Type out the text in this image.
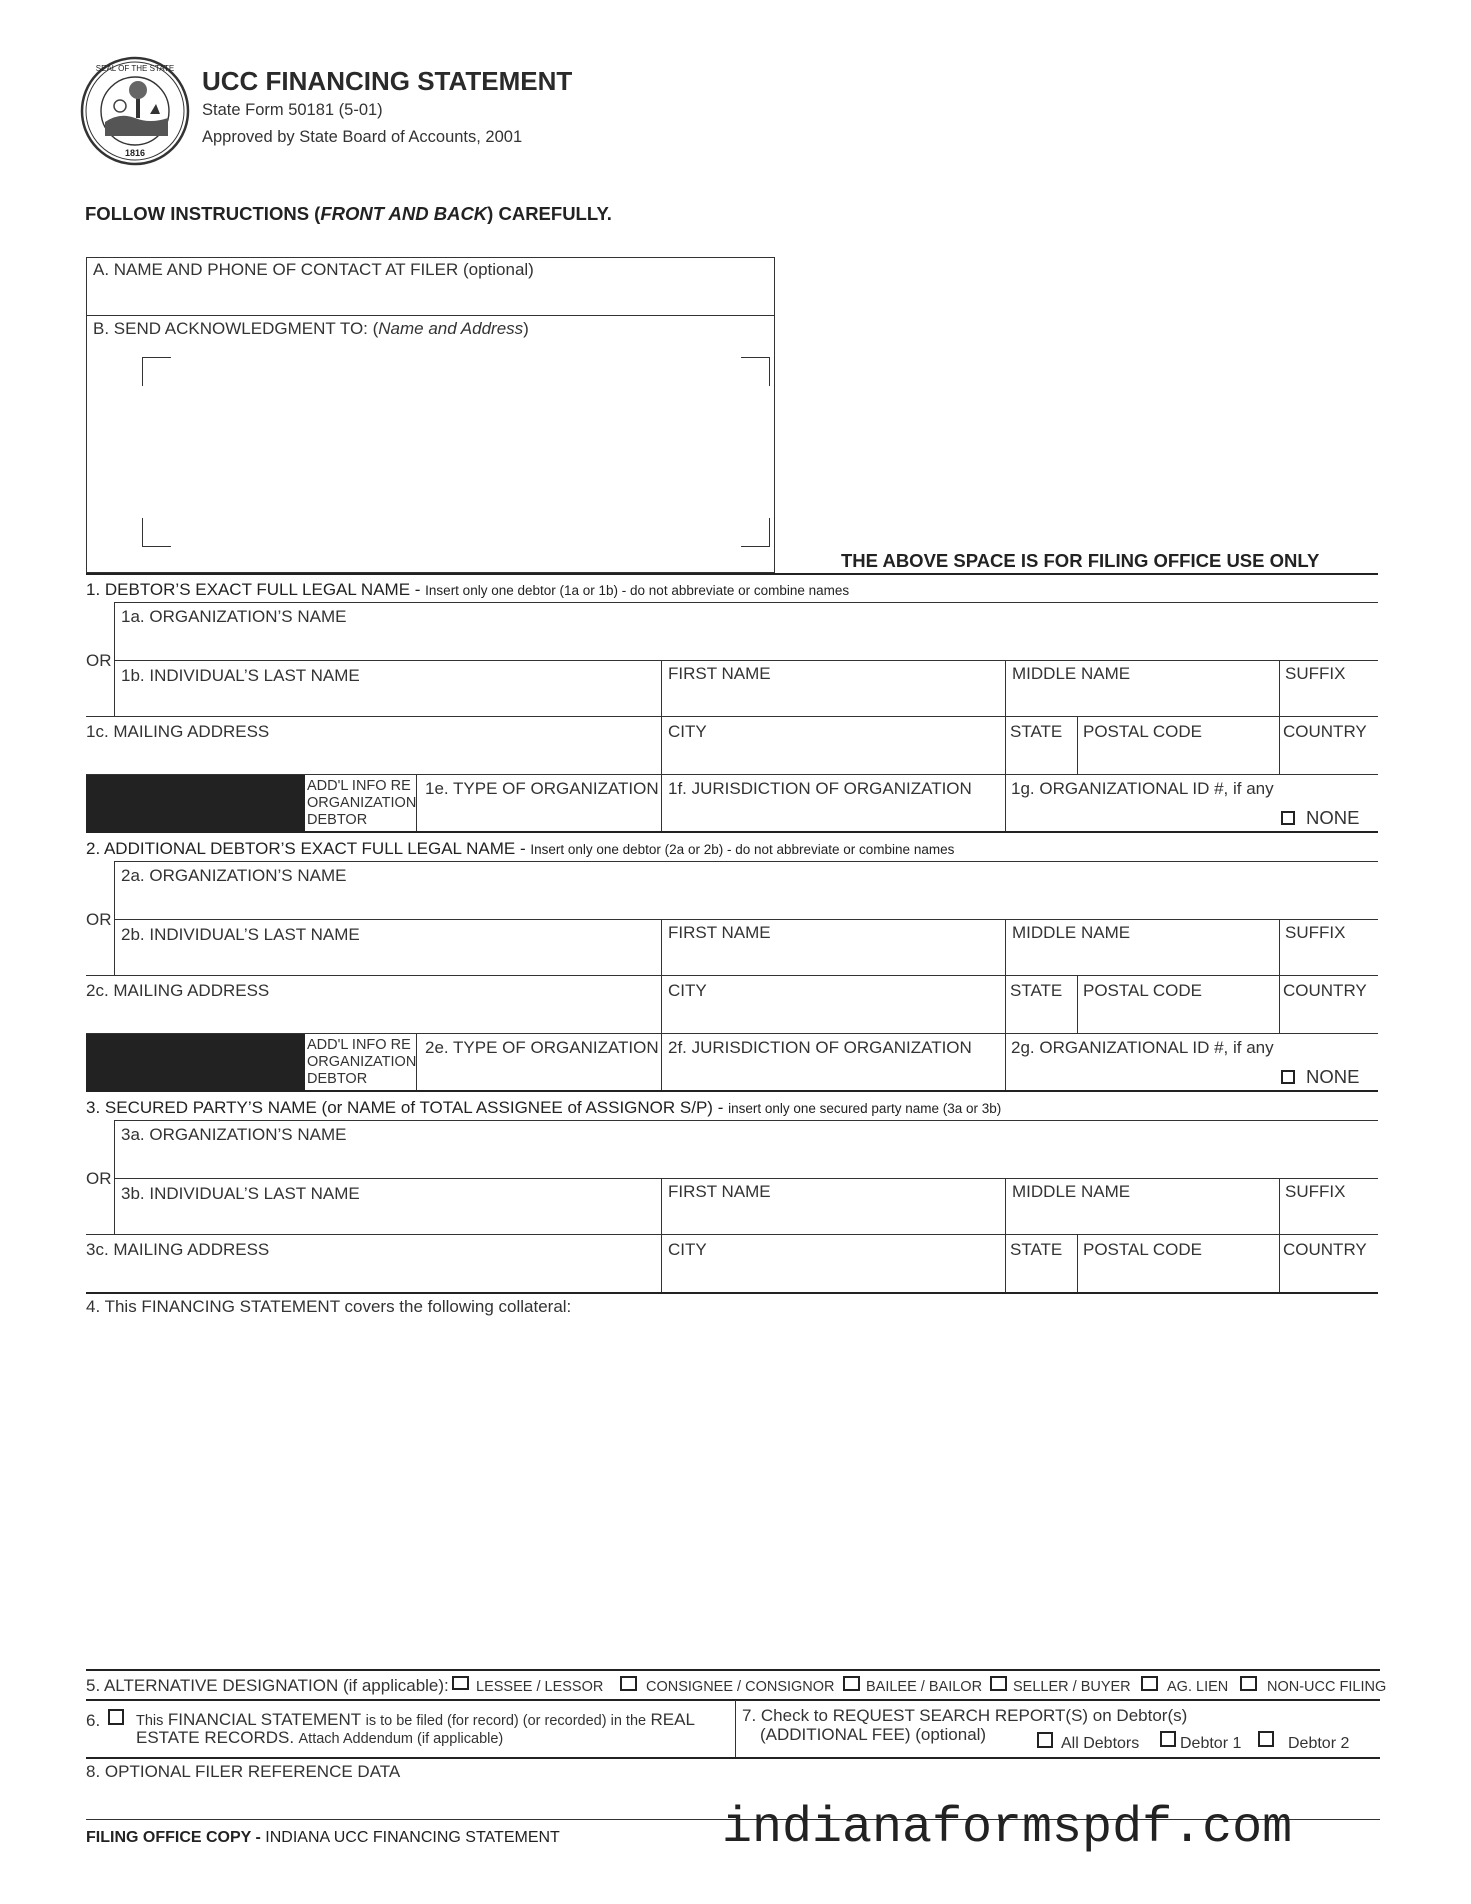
SEAL OF THE STATE
1816
UCC FINANCING STATEMENT
State Form 50181 (5-01)
Approved by State Board of Accounts, 2001
FOLLOW INSTRUCTIONS (FRONT AND BACK) CAREFULLY.
A. NAME AND PHONE OF CONTACT AT FILER (optional)
B. SEND ACKNOWLEDGMENT TO: (Name and Address)
THE ABOVE SPACE IS FOR FILING OFFICE USE ONLY
1. DEBTOR’S EXACT FULL LEGAL NAME - Insert only one debtor (1a or 1b) - do not abbreviate or combine names
1a. ORGANIZATION’S NAME
OR
1b. INDIVIDUAL’S LAST NAME	FIRST NAME	MIDDLE NAME	SUFFIX
1c. MAILING ADDRESS	CITY	STATE POSTAL CODE	COUNTRY
ADD'L INFO RE
ORGANIZATION
DEBTOR
1e. TYPE OF ORGANIZATION 1f. JURISDICTION OF ORGANIZATION 1g. ORGANIZATIONAL ID #, if any
NONE
2. ADDITIONAL DEBTOR’S EXACT FULL LEGAL NAME - Insert only one debtor (2a or 2b) - do not abbreviate or combine names
2a. ORGANIZATION’S NAME
OR
2b. INDIVIDUAL’S LAST NAME	FIRST NAME	MIDDLE NAME	SUFFIX
2c. MAILING ADDRESS	CITY	STATE POSTAL CODE	COUNTRY
ADD'L INFO RE
ORGANIZATION
DEBTOR
2e. TYPE OF ORGANIZATION 2f. JURISDICTION OF ORGANIZATION 2g. ORGANIZATIONAL ID #, if any
NONE
3. SECURED PARTY’S NAME (or NAME of TOTAL ASSIGNEE of ASSIGNOR S/P) - insert only one secured party name (3a or 3b)
3a. ORGANIZATION’S NAME
OR
3b. INDIVIDUAL’S LAST NAME	FIRST NAME	MIDDLE NAME	SUFFIX
3c. MAILING ADDRESS	CITY	STATE POSTAL CODE	COUNTRY
4. This FINANCING STATEMENT covers the following collateral:
5. ALTERNATIVE DESIGNATION (if applicable): LESSEE / LESSOR	CONSIGNEE / CONSIGNOR BAILEE / BAILOR SELLER / BUYER	AG. LIEN	NON-UCC FILING
6. This FINANCIAL STATEMENT is to be filed (for record) (or recorded) in the REAL
ESTATE RECORDS. Attach Addendum (if applicable)
7. Check to REQUEST SEARCH REPORT(S) on Debtor(s)
(ADDITIONAL FEE) (optional)	All Debtors	Debtor 1	Debtor 2
8. OPTIONAL FILER REFERENCE DATA
FILING OFFICE COPY - INDIANA UCC FINANCING STATEMENT	indianaformspdf.com
